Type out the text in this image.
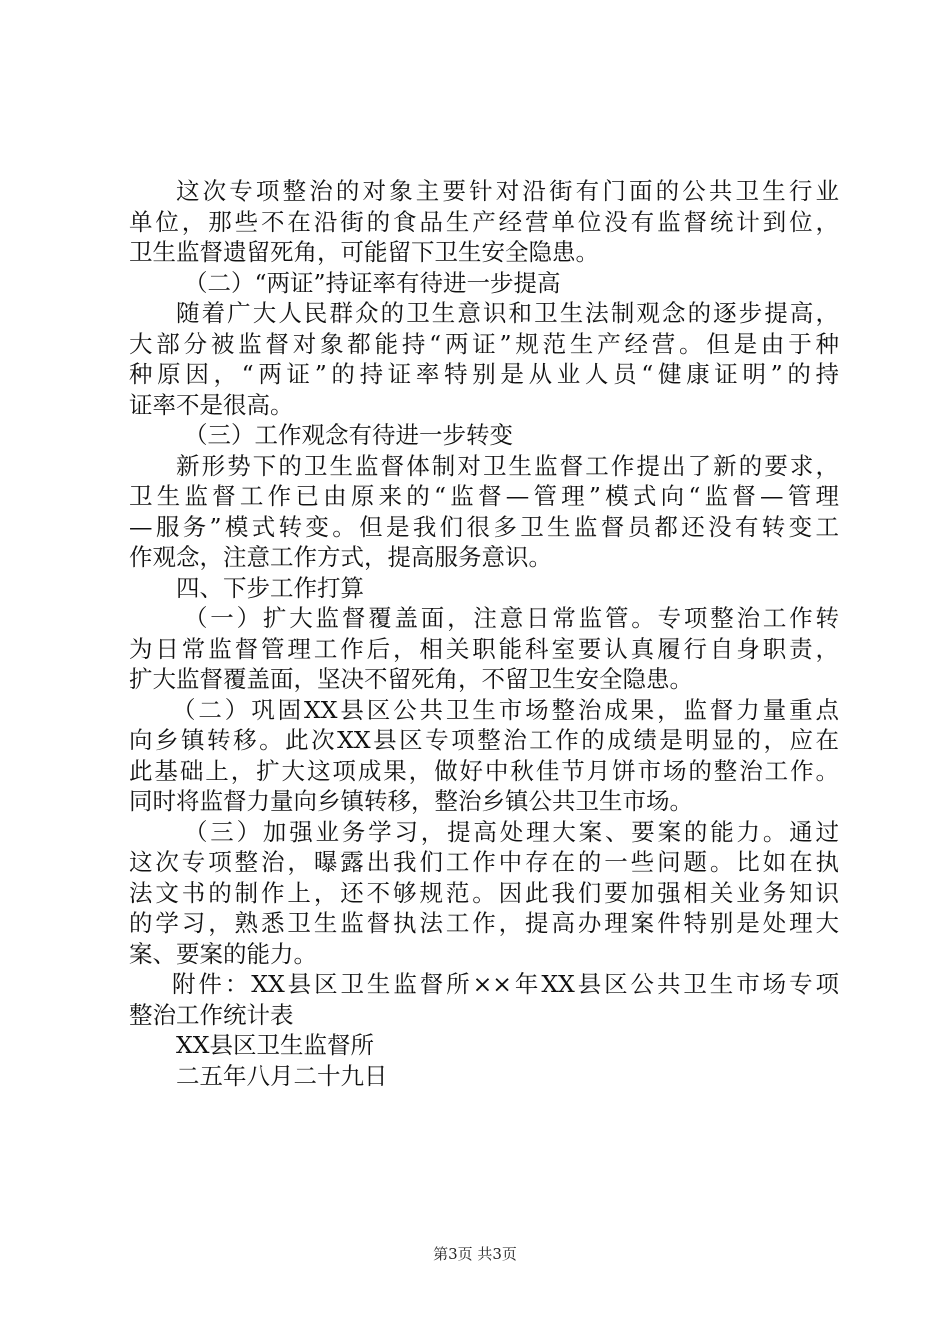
这次专项整治的对象主要针对沿街有门面的公共卫生行业
单位，那些不在沿街的食品生产经营单位没有监督统计到位，
卫生监督遗留死角，可能留下卫生安全隐患。
（二）“两证”持证率有待进一步提高
随着广大人民群众的卫生意识和卫生法制观念的逐步提高，
大部分被监督对象都能持“两证”规范生产经营。但是由于种
种原因，“两证”的持证率特别是从业人员“健康证明”的持
证率不是很高。
（三）工作观念有待进一步转变
新形势下的卫生监督体制对卫生监督工作提出了新的要求，
卫生监督工作已由原来的“监督—管理”模式向“监督—管理
—服务”模式转变。但是我们很多卫生监督员都还没有转变工
作观念，注意工作方式，提高服务意识。
四、下步工作打算
（一）扩大监督覆盖面，注意日常监管。专项整治工作转
为日常监督管理工作后，相关职能科室要认真履行自身职责，
扩大监督覆盖面，坚决不留死角，不留卫生安全隐患。
（二）巩固XX县区公共卫生市场整治成果，监督力量重点
向乡镇转移。此次XX县区专项整治工作的成绩是明显的，应在
此基础上，扩大这项成果，做好中秋佳节月饼市场的整治工作。
同时将监督力量向乡镇转移，整治乡镇公共卫生市场。
（三）加强业务学习，提高处理大案、要案的能力。通过
这次专项整治，曝露出我们工作中存在的一些问题。比如在执
法文书的制作上，还不够规范。因此我们要加强相关业务知识
的学习，熟悉卫生监督执法工作，提高办理案件特别是处理大
案、要案的能力。
附件：XX县区卫生监督所××年XX县区公共卫生市场专项
整治工作统计表
XX县区卫生监督所
二五年八月二十九日
第3页 共3页
